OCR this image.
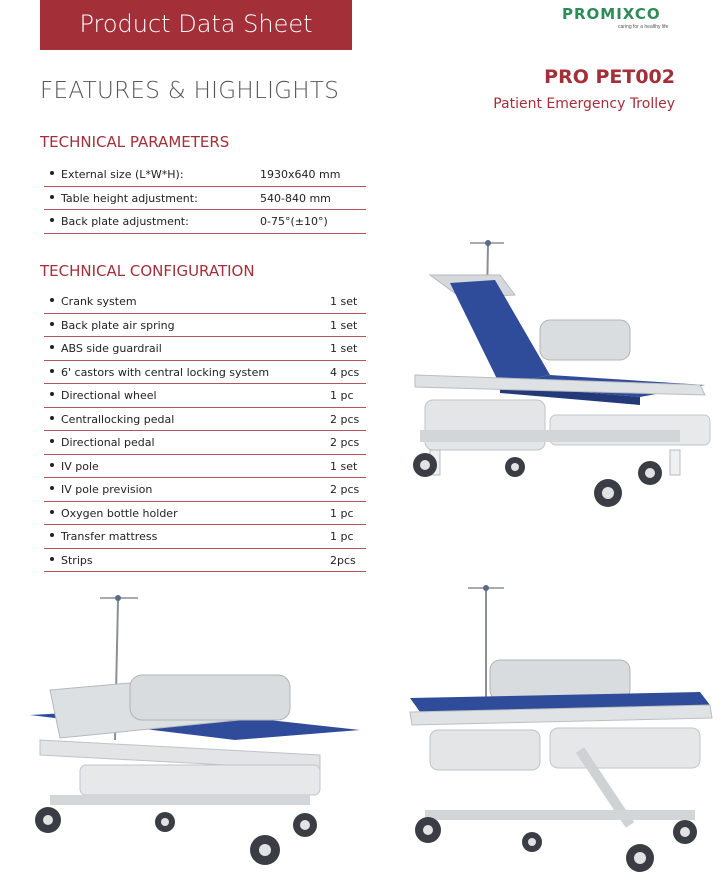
Product Data Sheet	PROMIXCO
caring for a healthy life
FEATURES & HIGHLIGHTS
PRO PET002
Patient Emergency Trolley
TECHNICAL PARAMETERS
External size (L*W*H):	1930x640 mm
Table height adjustment:	540-840 mm
Back plate adjustment:	0-75°(±10°)
TECHNICAL CONFIGURATION
Crank system	1 set
Back plate air spring	1 set
ABS side guardrail	1 set
6' castors with central locking system	4 pcs
Directional wheel	1 pc
Centrallocking pedal	2 pcs
Directional pedal	2 pcs
IV pole	1 set
IV pole prevision	2 pcs
Oxygen bottle holder	1 pc
Transfer mattress	1 pc
Strips	2pcs
